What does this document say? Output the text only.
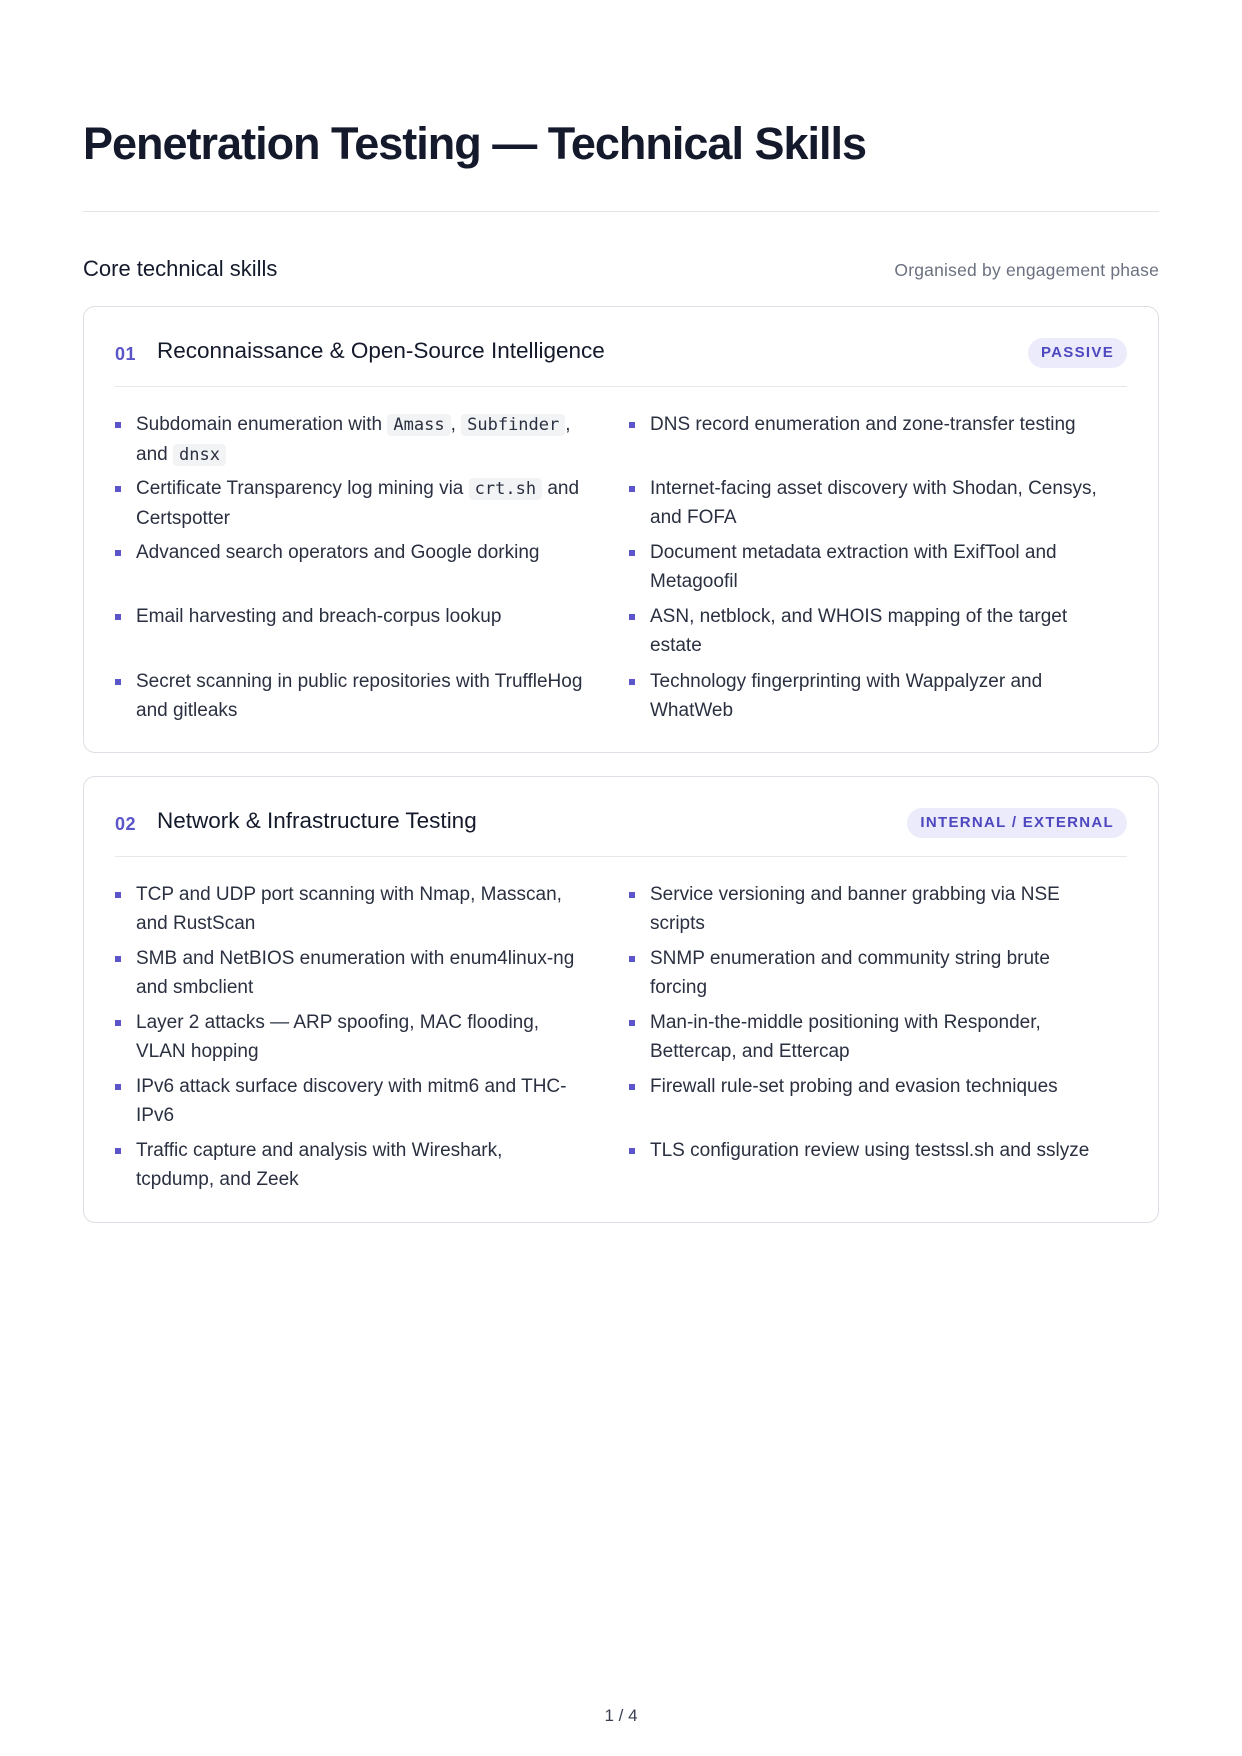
Penetration Testing — Technical Skills
Core technical skills	Organised by engagement phase
01 Reconnaissance & Open-Source Intelligence	PASSIVE
Subdomain enumeration with Amass , Subfinder , and dnsx
Certificate Transparency log mining via crt.sh and Certspotter
Advanced search operators and Google dorking
Email harvesting and breach-corpus lookup
Secret scanning in public repositories with TruffleHog and gitleaks
DNS record enumeration and zone-transfer testing
Internet-facing asset discovery with Shodan, Censys, and FOFA
Document metadata extraction with ExifTool and Metagoofil
ASN, netblock, and WHOIS mapping of the target estate
Technology fingerprinting with Wappalyzer and WhatWeb
02 Network & Infrastructure Testing	INTERNAL / EXTERNAL
TCP and UDP port scanning with Nmap, Masscan, and RustScan
SMB and NetBIOS enumeration with enum4linux-ng and smbclient
Layer 2 attacks — ARP spoofing, MAC flooding, VLAN hopping
IPv6 attack surface discovery with mitm6 and THC-IPv6
Traffic capture and analysis with Wireshark, tcpdump, and Zeek
Service versioning and banner grabbing via NSE scripts
SNMP enumeration and community string brute forcing
Man-in-the-middle positioning with Responder, Bettercap, and Ettercap
Firewall rule-set probing and evasion techniques
TLS configuration review using testssl.sh and sslyze
1 / 4
